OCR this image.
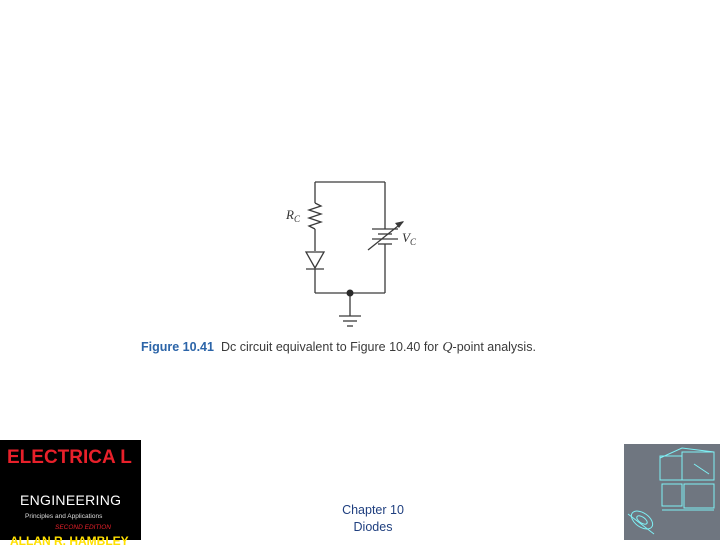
$R_C$
$V_C$
Figure 10.41 Dc circuit equivalent to Figure 10.40 for Q-point analysis.
ELECTRICA L
ENGINEERING
Principles and Applications
SECOND EDITION
ALLAN R. HAMBLEY
Chapter 10
Diodes
